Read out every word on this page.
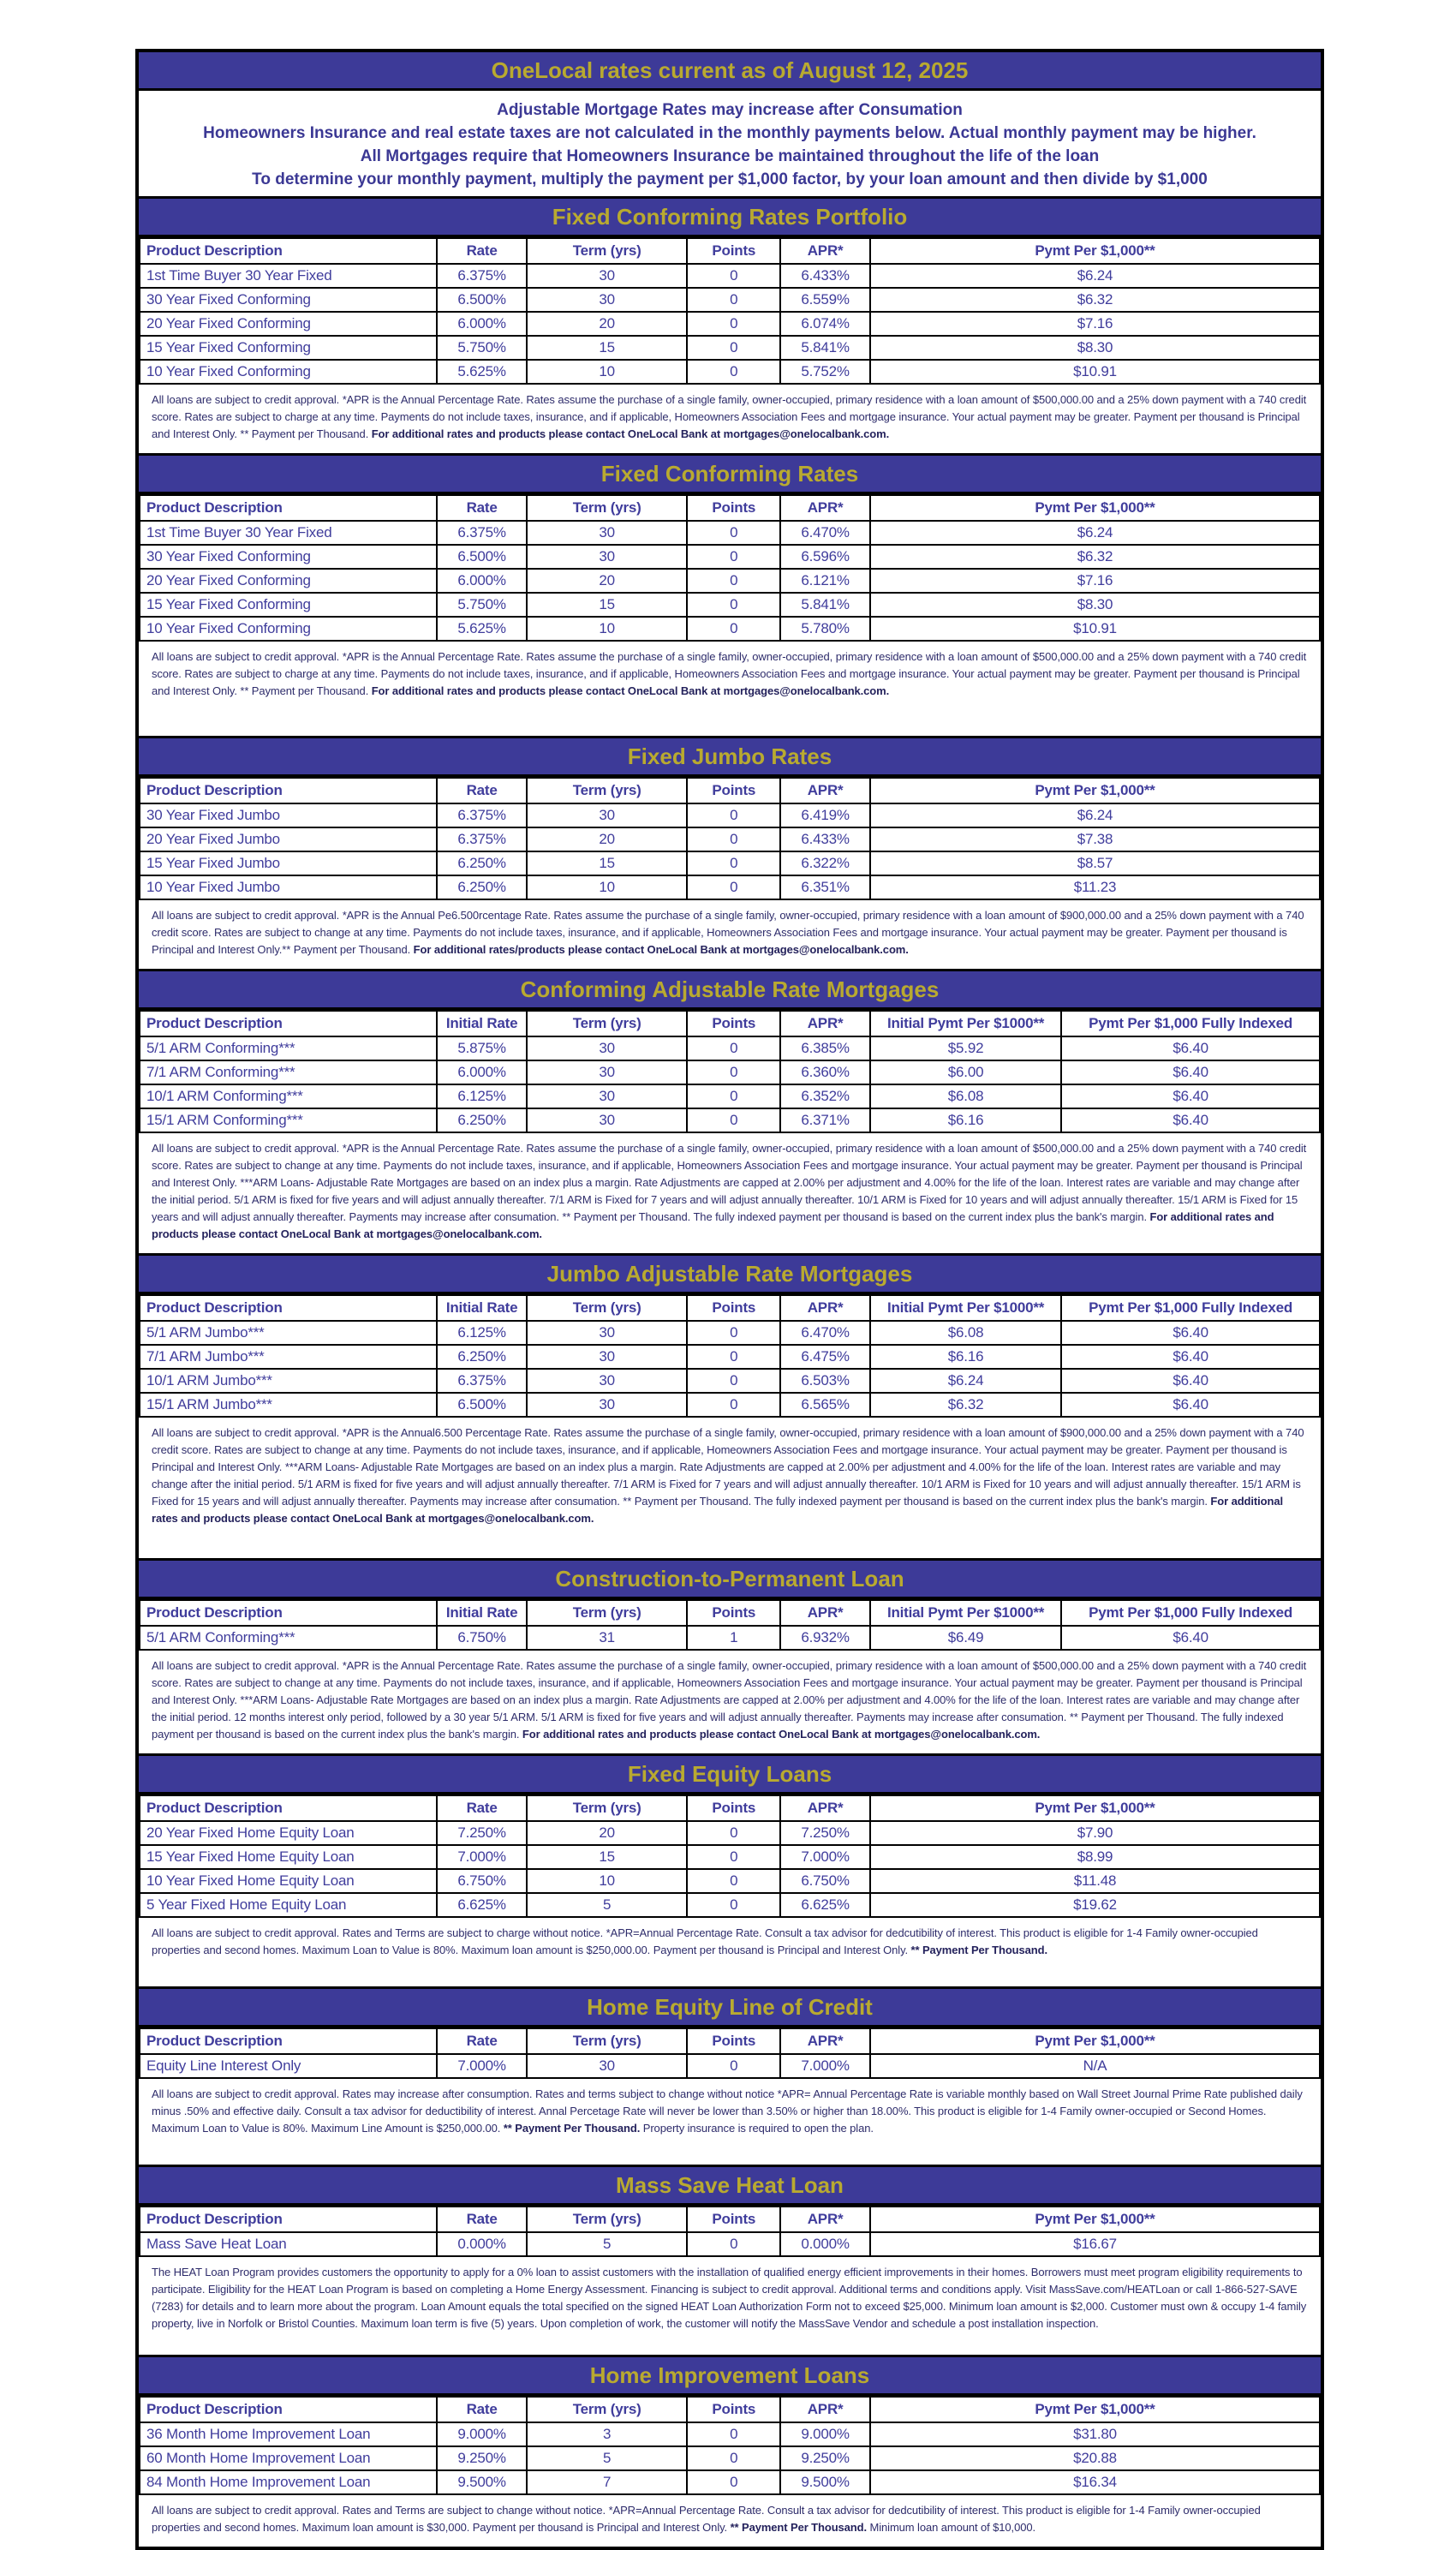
OneLocal rates current as of August 12, 2025
Adjustable Mortgage Rates may increase after Consumation
Homeowners Insurance and real estate taxes are not calculated in the monthly payments below. Actual monthly payment may be higher.
All Mortgages require that Homeowners Insurance be maintained throughout the life of the loan
To determine your monthly payment, multiply the payment per $1,000 factor, by your loan amount and then divide by $1,000
Fixed Conforming Rates Portfolio
Product Description	Rate	Term (yrs)	Points	APR*	Pymt Per $1,000**
1st Time Buyer 30 Year Fixed	6.375%	30	0	6.433%	$6.24
30 Year Fixed Conforming	6.500%	30	0	6.559%	$6.32
20 Year Fixed Conforming	6.000%	20	0	6.074%	$7.16
15 Year Fixed Conforming	5.750%	15	0	5.841%	$8.30
10 Year Fixed Conforming	5.625%	10	0	5.752%	$10.91
All loans are subject to credit approval. *APR is the Annual Percentage Rate. Rates assume the purchase of a single family, owner-occupied, primary residence with a loan amount of $500,000.00 and a 25% down payment with a 740 credit score. Rates are subject to charge at any time. Payments do not include taxes, insurance, and if applicable, Homeowners Association Fees and mortgage insurance. Your actual payment may be greater. Payment per thousand is Principal and Interest Only. ** Payment per Thousand. For additional rates and products please contact OneLocal Bank at mortgages@onelocalbank.com.
Fixed Conforming Rates
Product Description	Rate	Term (yrs)	Points	APR*	Pymt Per $1,000**
1st Time Buyer 30 Year Fixed	6.375%	30	0	6.470%	$6.24
30 Year Fixed Conforming	6.500%	30	0	6.596%	$6.32
20 Year Fixed Conforming	6.000%	20	0	6.121%	$7.16
15 Year Fixed Conforming	5.750%	15	0	5.841%	$8.30
10 Year Fixed Conforming	5.625%	10	0	5.780%	$10.91
All loans are subject to credit approval. *APR is the Annual Percentage Rate. Rates assume the purchase of a single family, owner-occupied, primary residence with a loan amount of $500,000.00 and a 25% down payment with a 740 credit score. Rates are subject to charge at any time. Payments do not include taxes, insurance, and if applicable, Homeowners Association Fees and mortgage insurance. Your actual payment may be greater. Payment per thousand is Principal and Interest Only. ** Payment per Thousand. For additional rates and products please contact OneLocal Bank at mortgages@onelocalbank.com.
Fixed Jumbo Rates
Product Description	Rate	Term (yrs)	Points	APR*	Pymt Per $1,000**
30 Year Fixed Jumbo	6.375%	30	0	6.419%	$6.24
20 Year Fixed Jumbo	6.375%	20	0	6.433%	$7.38
15 Year Fixed Jumbo	6.250%	15	0	6.322%	$8.57
10 Year Fixed Jumbo	6.250%	10	0	6.351%	$11.23
All loans are subject to credit approval. *APR is the Annual Pe6.500rcentage Rate. Rates assume the purchase of a single family, owner-occupied, primary residence with a loan amount of $900,000.00 and a 25% down payment with a 740 credit score. Rates are subject to change at any time. Payments do not include taxes, insurance, and if applicable, Homeowners Association Fees and mortgage insurance. Your actual payment may be greater. Payment per thousand is Principal and Interest Only.** Payment per Thousand. For additional rates/products please contact OneLocal Bank at mortgages@onelocalbank.com.
Conforming Adjustable Rate Mortgages
Product Description	Initial Rate	Term (yrs)	Points	APR*	Initial Pymt Per $1000**	Pymt Per $1,000 Fully Indexed
5/1 ARM Conforming***	5.875%	30	0	6.385%	$5.92	$6.40
7/1 ARM Conforming***	6.000%	30	0	6.360%	$6.00	$6.40
10/1 ARM Conforming***	6.125%	30	0	6.352%	$6.08	$6.40
15/1 ARM Conforming***	6.250%	30	0	6.371%	$6.16	$6.40
All loans are subject to credit approval. *APR is the Annual Percentage Rate. Rates assume the purchase of a single family, owner-occupied, primary residence with a loan amount of $500,000.00 and a 25% down payment with a 740 credit score. Rates are subject to change at any time. Payments do not include taxes, insurance, and if applicable, Homeowners Association Fees and mortgage insurance. Your actual payment may be greater. Payment per thousand is Principal and Interest Only. ***ARM Loans- Adjustable Rate Mortgages are based on an index plus a margin. Rate Adjustments are capped at 2.00% per adjustment and 4.00% for the life of the loan. Interest rates are variable and may change after the initial period. 5/1 ARM is fixed for five years and will adjust annually thereafter. 7/1 ARM is Fixed for 7 years and will adjust annually thereafter. 10/1 ARM is Fixed for 10 years and will adjust annually thereafter. 15/1 ARM is Fixed for 15 years and will adjust annually thereafter. Payments may increase after consumation. ** Payment per Thousand. The fully indexed payment per thousand is based on the current index plus the bank's margin. For additional rates and products please contact OneLocal Bank at mortgages@onelocalbank.com.
Jumbo Adjustable Rate Mortgages
Product Description	Initial Rate	Term (yrs)	Points	APR*	Initial Pymt Per $1000**	Pymt Per $1,000 Fully Indexed
5/1 ARM Jumbo***	6.125%	30	0	6.470%	$6.08	$6.40
7/1 ARM Jumbo***	6.250%	30	0	6.475%	$6.16	$6.40
10/1 ARM Jumbo***	6.375%	30	0	6.503%	$6.24	$6.40
15/1 ARM Jumbo***	6.500%	30	0	6.565%	$6.32	$6.40
All loans are subject to credit approval. *APR is the Annual6.500 Percentage Rate. Rates assume the purchase of a single family, owner-occupied, primary residence with a loan amount of $900,000.00 and a 25% down payment with a 740 credit score. Rates are subject to change at any time. Payments do not include taxes, insurance, and if applicable, Homeowners Association Fees and mortgage insurance. Your actual payment may be greater. Payment per thousand is Principal and Interest Only. ***ARM Loans- Adjustable Rate Mortgages are based on an index plus a margin. Rate Adjustments are capped at 2.00% per adjustment and 4.00% for the life of the loan. Interest rates are variable and may change after the initial period. 5/1 ARM is fixed for five years and will adjust annually thereafter. 7/1 ARM is Fixed for 7 years and will adjust annually thereafter. 10/1 ARM is Fixed for 10 years and will adjust annually thereafter. 15/1 ARM is Fixed for 15 years and will adjust annually thereafter. Payments may increase after consumation. ** Payment per Thousand. The fully indexed payment per thousand is based on the current index plus the bank's margin. For additional rates and products please contact OneLocal Bank at mortgages@onelocalbank.com.
Construction-to-Permanent Loan
Product Description	Initial Rate	Term (yrs)	Points	APR*	Initial Pymt Per $1000**	Pymt Per $1,000 Fully Indexed
5/1 ARM Conforming***	6.750%	31	1	6.932%	$6.49	$6.40
All loans are subject to credit approval. *APR is the Annual Percentage Rate. Rates assume the purchase of a single family, owner-occupied, primary residence with a loan amount of $500,000.00 and a 25% down payment with a 740 credit score. Rates are subject to change at any time. Payments do not include taxes, insurance, and if applicable, Homeowners Association Fees and mortgage insurance. Your actual payment may be greater. Payment per thousand is Principal and Interest Only. ***ARM Loans- Adjustable Rate Mortgages are based on an index plus a margin. Rate Adjustments are capped at 2.00% per adjustment and 4.00% for the life of the loan. Interest rates are variable and may change after the initial period. 12 months interest only period, followed by a 30 year 5/1 ARM. 5/1 ARM is fixed for five years and will adjust annually thereafter. Payments may increase after consumation. ** Payment per Thousand. The fully indexed payment per thousand is based on the current index plus the bank's margin. For additional rates and products please contact OneLocal Bank at mortgages@onelocalbank.com.
Fixed Equity Loans
Product Description	Rate	Term (yrs)	Points	APR*	Pymt Per $1,000**
20 Year Fixed Home Equity Loan	7.250%	20	0	7.250%	$7.90
15 Year Fixed Home Equity Loan	7.000%	15	0	7.000%	$8.99
10 Year Fixed Home Equity Loan	6.750%	10	0	6.750%	$11.48
5 Year Fixed Home Equity Loan	6.625%	5	0	6.625%	$19.62
All loans are subject to credit approval. Rates and Terms are subject to charge without notice. *APR=Annual Percentage Rate. Consult a tax advisor for dedcutibility of interest. This product is eligible for 1-4 Family owner-occupied properties and second homes. Maximum Loan to Value is 80%. Maximum loan amount is $250,000.00. Payment per thousand is Principal and Interest Only. ** Payment Per Thousand.
Home Equity Line of Credit
Product Description	Rate	Term (yrs)	Points	APR*	Pymt Per $1,000**
Equity Line Interest Only	7.000%	30	0	7.000%	N/A
All loans are subject to credit approval. Rates may increase after consumption. Rates and terms subject to change without notice *APR= Annual Percentage Rate is variable monthly based on Wall Street Journal Prime Rate published daily minus .50% and effective daily. Consult a tax advisor for deductibility of interest. Annal Percetage Rate will never be lower than 3.50% or higher than 18.00%. This product is eligible for 1-4 Family owner-occupied or Second Homes. Maximum Loan to Value is 80%. Maximum Line Amount is $250,000.00. ** Payment Per Thousand. Property insurance is required to open the plan.
Mass Save Heat Loan
Product Description	Rate	Term (yrs)	Points	APR*	Pymt Per $1,000**
Mass Save Heat Loan	0.000%	5	0	0.000%	$16.67
The HEAT Loan Program provides customers the opportunity to apply for a 0% loan to assist customers with the installation of qualified energy efficient improvements in their homes. Borrowers must meet program eligibility requirements to participate. Eligibility for the HEAT Loan Program is based on completing a Home Energy Assessment. Financing is subject to credit approval. Additional terms and conditions apply. Visit MassSave.com/HEATLoan or call 1-866-527-SAVE (7283) for details and to learn more about the program. Loan Amount equals the total specified on the signed HEAT Loan Authorization Form not to exceed $25,000. Minimum loan amount is $2,000. Customer must own & occupy 1-4 family property, live in Norfolk or Bristol Counties. Maximum loan term is five (5) years. Upon completion of work, the customer will notify the MassSave Vendor and schedule a post installation inspection.
Home Improvement Loans
Product Description	Rate	Term (yrs)	Points	APR*	Pymt Per $1,000**
36 Month Home Improvement Loan	9.000%	3	0	9.000%	$31.80
60 Month Home Improvement Loan	9.250%	5	0	9.250%	$20.88
84 Month Home Improvement Loan	9.500%	7	0	9.500%	$16.34
All loans are subject to credit approval. Rates and Terms are subject to change without notice. *APR=Annual Percentage Rate. Consult a tax advisor for dedcutibility of interest. This product is eligible for 1-4 Family owner-occupied properties and second homes. Maximum loan amount is $30,000. Payment per thousand is Principal and Interest Only. ** Payment Per Thousand. Minimum loan amount of $10,000.
